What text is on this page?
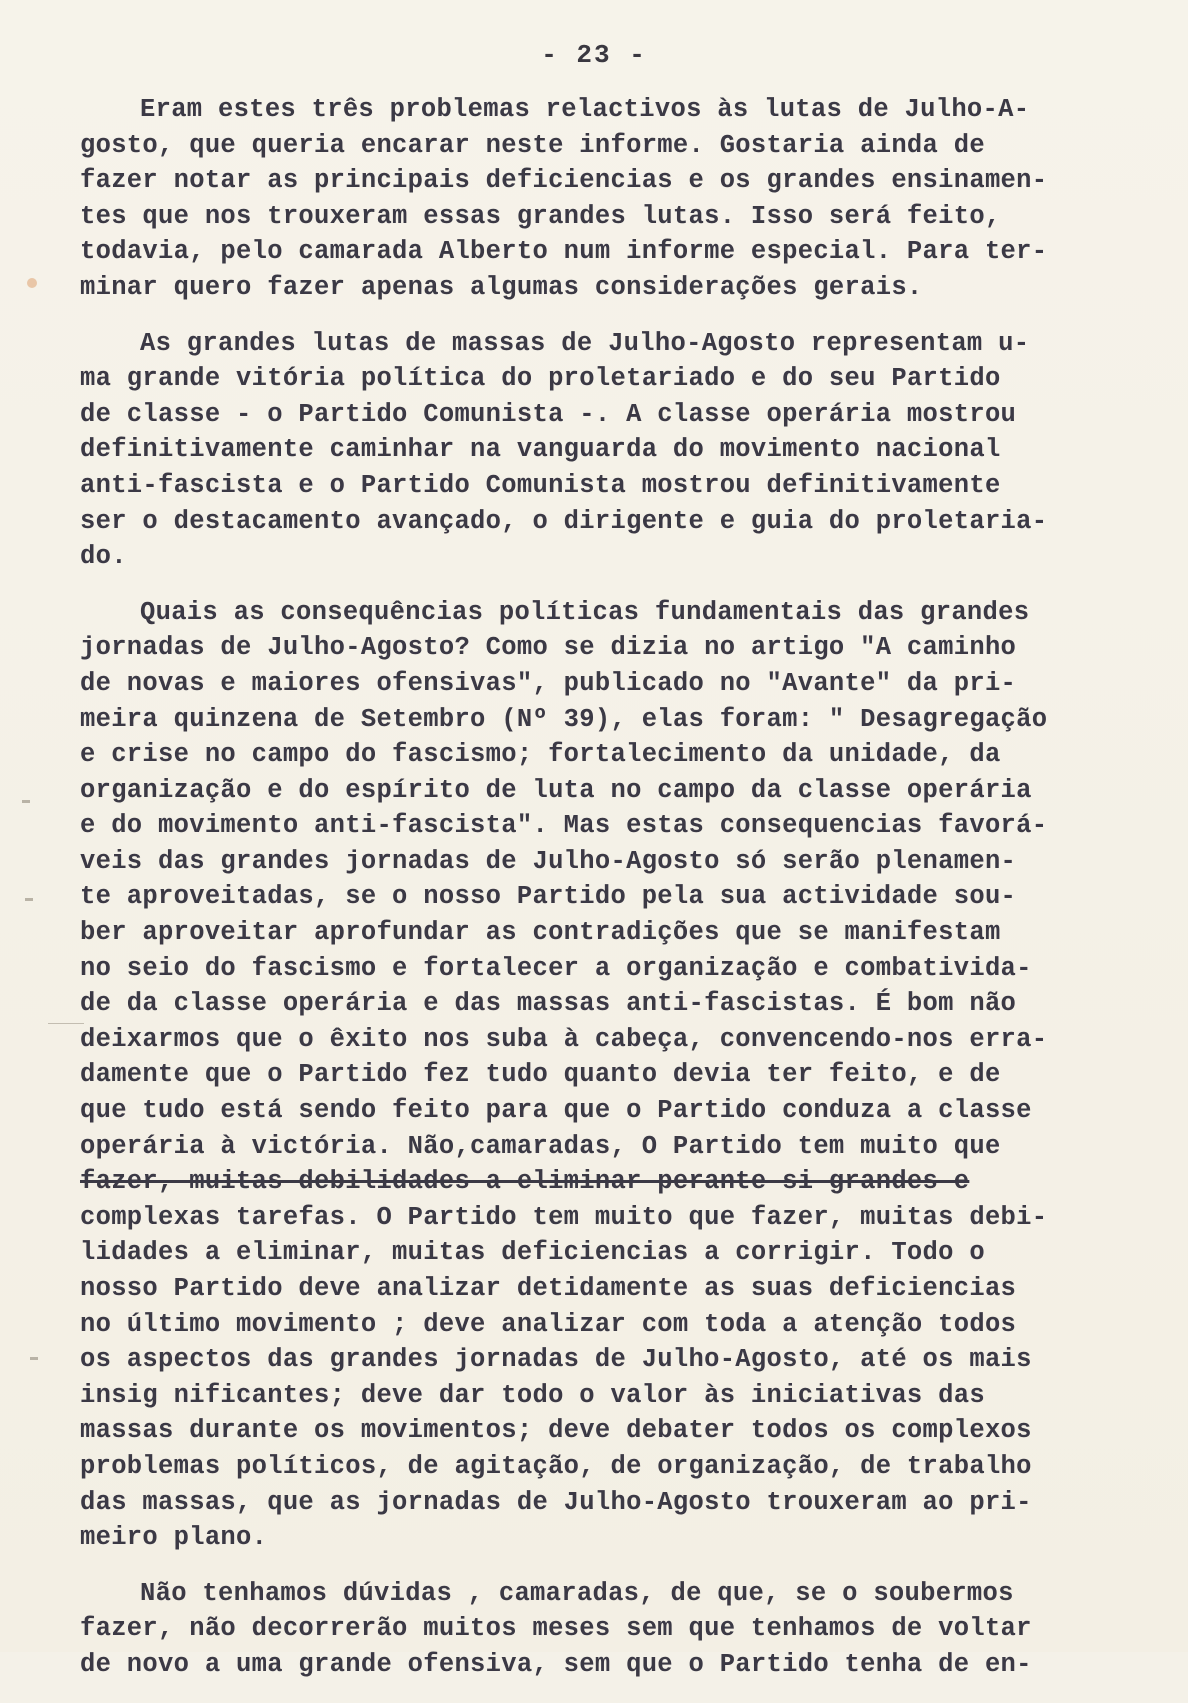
- 23 -
Eram estes três problemas relactivos às lutas de Julho-A-
gosto, que queria encarar neste informe. Gostaria ainda de
fazer notar as principais deficiencias e os grandes ensinamen-
tes que nos trouxeram essas grandes lutas. Isso será feito,
todavia, pelo camarada Alberto num informe especial. Para ter-
minar quero fazer apenas algumas considerações gerais.
As grandes lutas de massas de Julho-Agosto representam u-
ma grande vitória política do proletariado e do seu Partido
de classe - o Partido Comunista -. A classe operária mostrou
definitivamente caminhar na vanguarda do movimento nacional
anti-fascista e o Partido Comunista mostrou definitivamente
ser o destacamento avançado, o dirigente e guia do proletaria-
do.
Quais as consequências políticas fundamentais das grandes
jornadas de Julho-Agosto? Como se dizia no artigo "A caminho
de novas e maiores ofensivas", publicado no "Avante" da pri-
meira quinzena de Setembro (Nº 39), elas foram: " Desagregação
e crise no campo do fascismo; fortalecimento da unidade, da
organização e do espírito de luta no campo da classe operária
e do movimento anti-fascista". Mas estas consequencias favorá-
veis das grandes jornadas de Julho-Agosto só serão plenamen-
te aproveitadas, se o nosso Partido pela sua actividade sou-
ber aproveitar aprofundar as contradições que se manifestam
no seio do fascismo e fortalecer a organização e combativida-
de da classe operária e das massas anti-fascistas. É bom não
deixarmos que o êxito nos suba à cabeça, convencendo-nos erra-
damente que o Partido fez tudo quanto devia ter feito, e de
que tudo está sendo feito para que o Partido conduza a classe
operária à victória. Não,camaradas, O Partido tem muito que
fazer, muitas debilidades a eliminar perante si grandes e
complexas tarefas. O Partido tem muito que fazer, muitas debi-
lidades a eliminar, muitas deficiencias a corrigir. Todo o
nosso Partido deve analizar detidamente as suas deficiencias
no último movimento ; deve analizar com toda a atenção todos
os aspectos das grandes jornadas de Julho-Agosto, até os mais
insig nificantes; deve dar todo o valor às iniciativas das
massas durante os movimentos; deve debater todos os complexos
problemas políticos, de agitação, de organização, de trabalho
das massas, que as jornadas de Julho-Agosto trouxeram ao pri-
meiro plano.
Não tenhamos dúvidas , camaradas, de que, se o soubermos
fazer, não decorrerão muitos meses sem que tenhamos de voltar
de novo a uma grande ofensiva, sem que o Partido tenha de en-
